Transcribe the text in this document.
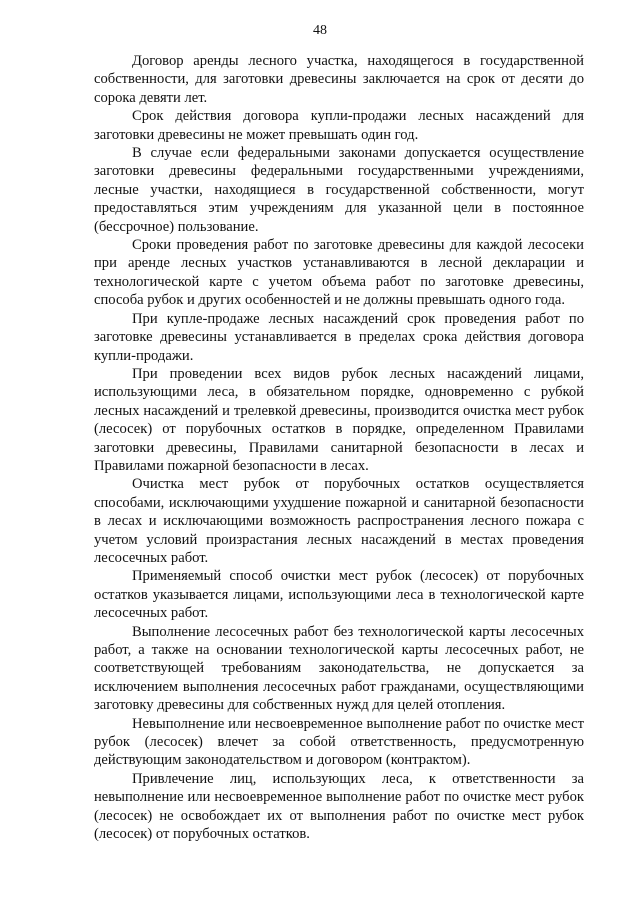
48

Договор аренды лесного участка, находящегося в государственной собственности, для заготовки древесины заключается на срок от десяти до сорока девяти лет.

Срок действия договора купли-продажи лесных насаждений для заготовки древесины не может превышать один год.

В случае если федеральными законами допускается осуществление заготовки древесины федеральными государственными учреждениями, лесные участки, находящиеся в государственной собственности, могут предоставляться этим учреждениям для указанной цели в постоянное (бессрочное) пользование.

Сроки проведения работ по заготовке древесины для каждой лесосеки при аренде лесных участков устанавливаются в лесной декларации и технологической карте с учетом объема работ по заготовке древесины, способа рубок и других особенностей и не должны превышать одного года.

При купле-продаже лесных насаждений срок проведения работ по заготовке древесины устанавливается в пределах срока действия договора купли-продажи.

При проведении всех видов рубок лесных насаждений лицами, использующими леса, в обязательном порядке, одновременно с рубкой лесных насаждений и трелевкой древесины, производится очистка мест рубок (лесосек) от порубочных остатков в порядке, определенном Правилами заготовки древесины, Правилами санитарной безопасности в лесах и Правилами пожарной безопасности в лесах.

Очистка мест рубок от порубочных остатков осуществляется способами, исключающими ухудшение пожарной и санитарной безопасности в лесах и исключающими возможность распространения лесного пожара с учетом условий произрастания лесных насаждений в местах проведения лесосечных работ.

Применяемый способ очистки мест рубок (лесосек) от порубочных остатков указывается лицами, использующими леса в технологической карте лесосечных работ.

Выполнение лесосечных работ без технологической карты лесосечных работ, а также на основании технологической карты лесосечных работ, не соответствующей требованиям законодательства, не допускается за исключением выполнения лесосечных работ гражданами, осуществляющими заготовку древесины для собственных нужд для целей отопления.

Невыполнение или несвоевременное выполнение работ по очистке мест рубок (лесосек) влечет за собой ответственность, предусмотренную действующим законодательством и договором (контрактом).

Привлечение лиц, использующих леса, к ответственности за невыполнение или несвоевременное выполнение работ по очистке мест рубок (лесосек) не освобождает их от выполнения работ по очистке мест рубок (лесосек) от порубочных остатков.
